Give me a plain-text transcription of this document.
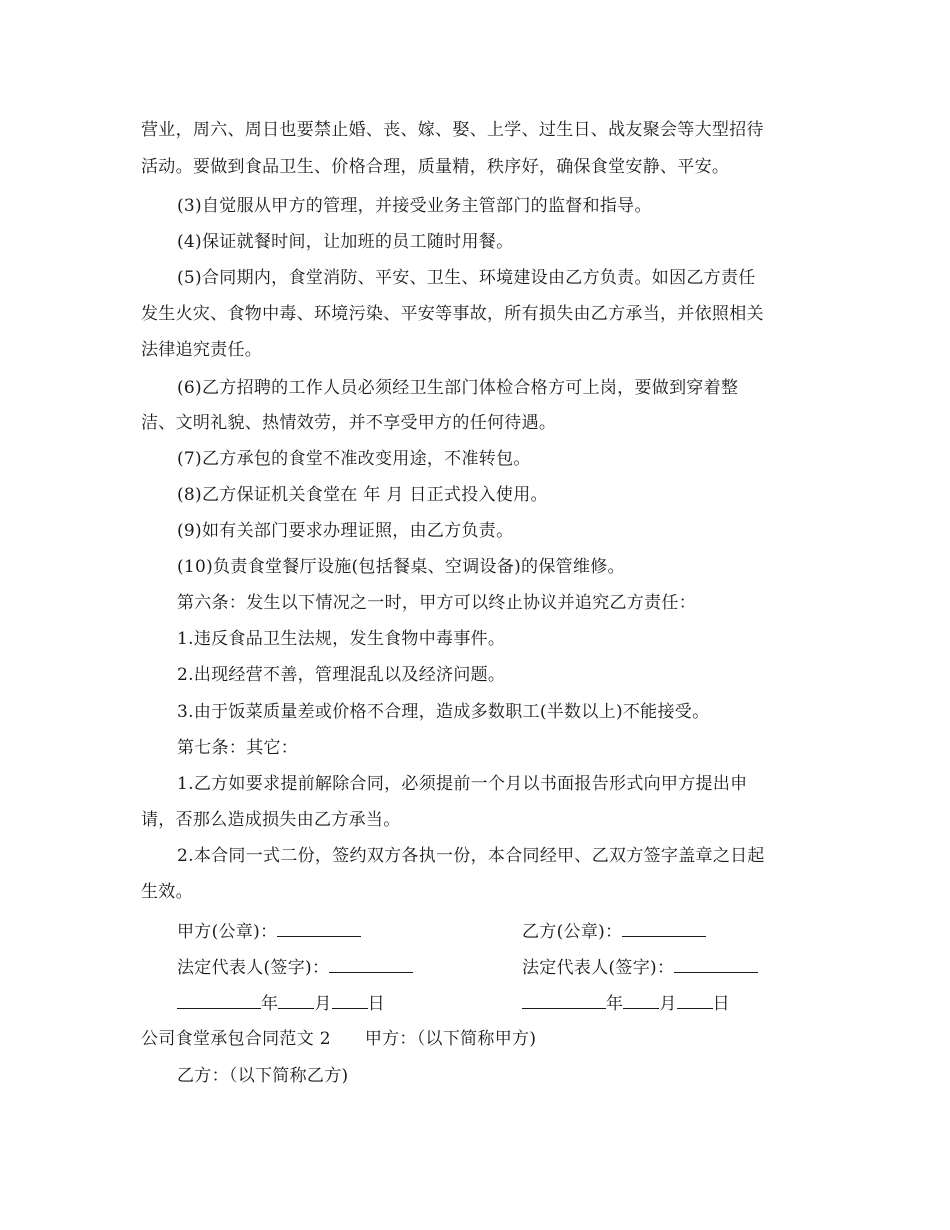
营业，周六、周日也要禁止婚、丧、嫁、娶、上学、过生日、战友聚会等大型招待
活动。要做到食品卫生、价格合理，质量精，秩序好，确保食堂安静、平安。
(3)自觉服从甲方的管理，并接受业务主管部门的监督和指导。
(4)保证就餐时间，让加班的员工随时用餐。
(5)合同期内，食堂消防、平安、卫生、环境建设由乙方负责。如因乙方责任
发生火灾、食物中毒、环境污染、平安等事故，所有损失由乙方承当，并依照相关
法律追究责任。
(6)乙方招聘的工作人员必须经卫生部门体检合格方可上岗，要做到穿着整
洁、文明礼貌、热情效劳，并不享受甲方的任何待遇。
(7)乙方承包的食堂不准改变用途，不准转包。
(8)乙方保证机关食堂在 年 月 日正式投入使用。
(9)如有关部门要求办理证照，由乙方负责。
(10)负责食堂餐厅设施(包括餐桌、空调设备)的保管维修。
第六条：发生以下情况之一时，甲方可以终止协议并追究乙方责任：
1.违反食品卫生法规，发生食物中毒事件。
2.出现经营不善，管理混乱以及经济问题。
3.由于饭菜质量差或价格不合理，造成多数职工(半数以上)不能接受。
第七条：其它：
1.乙方如要求提前解除合同，必须提前一个月以书面报告形式向甲方提出申
请，否那么造成损失由乙方承当。
2.本合同一式二份，签约双方各执一份，本合同经甲、乙双方签字盖章之日起
生效。
甲方(公章)：	乙方(公章)：
法定代表人(签字)：	法定代表人(签字)：
年 月 日	年 月 日
公司食堂承包合同范文 2 甲方：（以下简称甲方)
乙方：（以下简称乙方)
